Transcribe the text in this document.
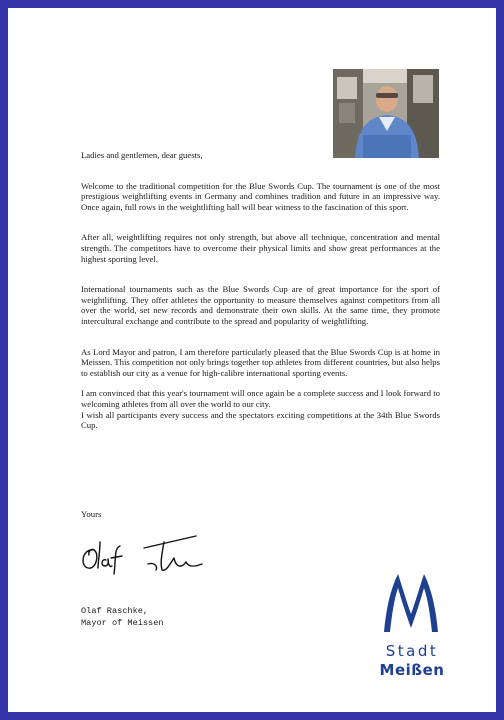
Ladies and gentlemen, dear guests,

Welcome to the traditional competition for the Blue Swords Cup. The tournament is one of the most prestigious weightlifting events in Germany and combines tradition and future in an impressive way. Once again, full rows in the weightlifting hall will bear witness to the fascination of this sport.

After all, weightlifting requires not only strength, but above all technique, concentration and mental strength. The competitors have to overcome their physical limits and show great performances at the highest sporting level.

International tournaments such as the Blue Swords Cup are of great importance for the sport of weightlifting. They offer athletes the opportunity to measure themselves against competitors from all over the world, set new records and demonstrate their own skills. At the same time, they promote intercultural exchange and contribute to the spread and popularity of weightlifting.

As Lord Mayor and patron, I am therefore particularly pleased that the Blue Swords Cup is at home in Meissen. This competition not only brings together top athletes from different countries, but also helps to establish our city as a venue for high-calibre international sporting events.

I am convinced that this year's tournament will once again be a complete success and I look forward to welcoming athletes from all over the world to our city.

I wish all participants every success and the spectators exciting competitions at the 34th Blue Swords Cup.

Yours
Olaf Raschke,
Mayor of Meissen
Stadt
Meißen
